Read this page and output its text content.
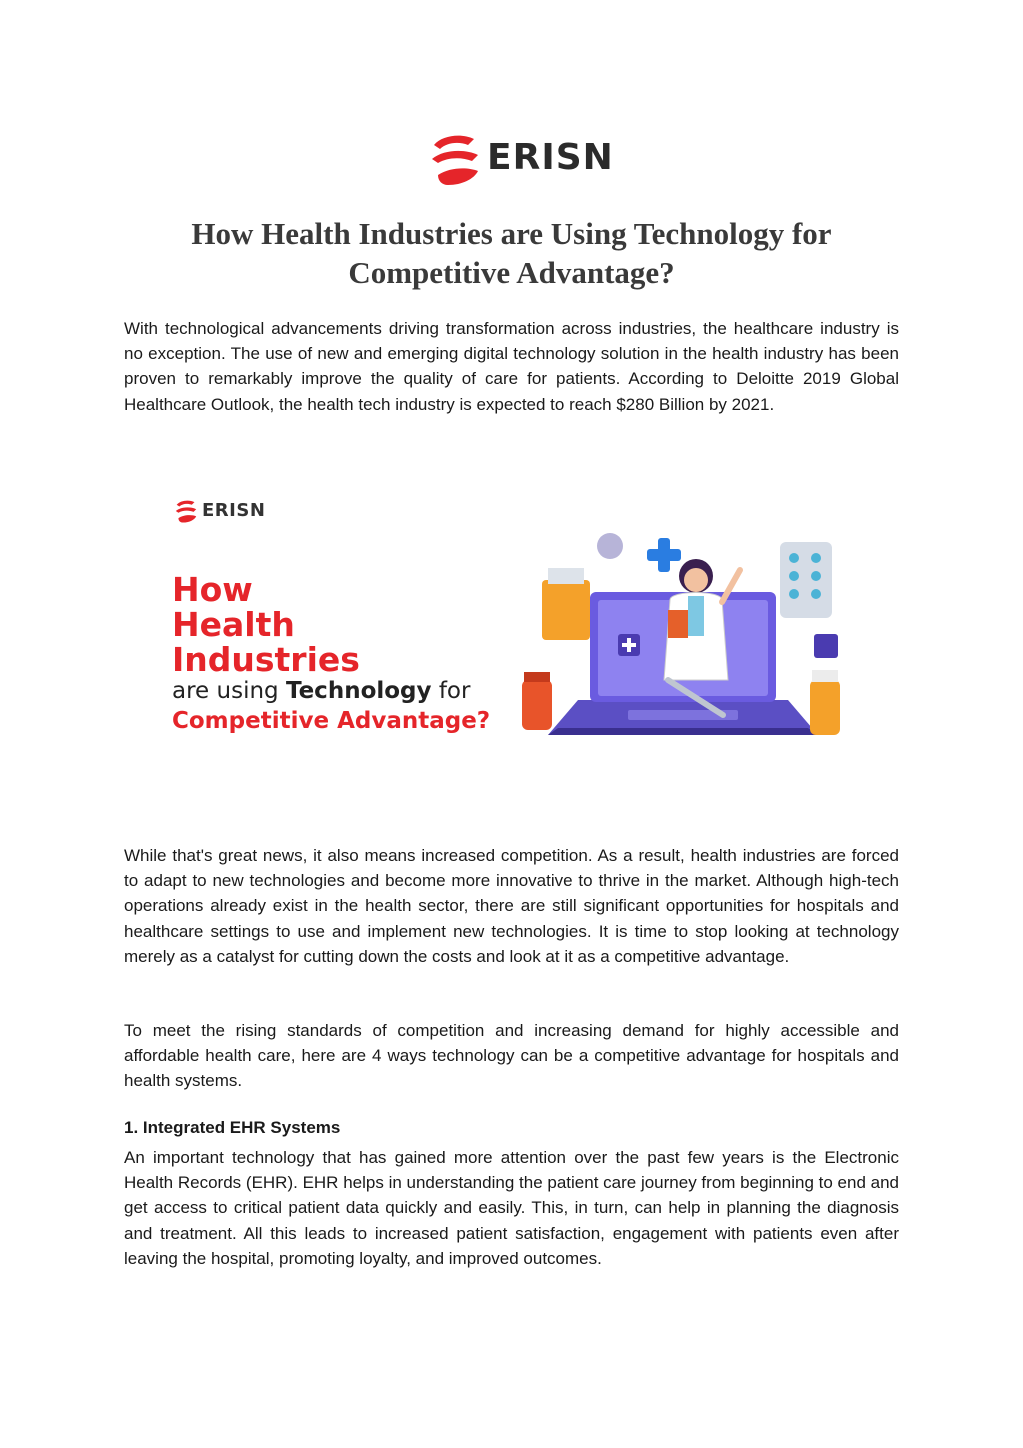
ERISN
How Health Industries are Using Technology for Competitive Advantage?

With technological advancements driving transformation across industries, the healthcare industry is no exception. The use of new and emerging digital technology solution in the health industry has been proven to remarkably improve the quality of care for patients. According to Deloitte 2019 Global Healthcare Outlook, the health tech industry is expected to reach $280 Billion by 2021.

ERISN
How
Health
Industries
are using Technology for
Competitive Advantage?

While that's great news, it also means increased competition. As a result, health industries are forced to adapt to new technologies and become more innovative to thrive in the market. Although high-tech operations already exist in the health sector, there are still significant opportunities for hospitals and healthcare settings to use and implement new technologies. It is time to stop looking at technology merely as a catalyst for cutting down the costs and look at it as a competitive advantage.

To meet the rising standards of competition and increasing demand for highly accessible and affordable health care, here are 4 ways technology can be a competitive advantage for hospitals and health systems.

1. Integrated EHR Systems

An important technology that has gained more attention over the past few years is the Electronic Health Records (EHR). EHR helps in understanding the patient care journey from beginning to end and get access to critical patient data quickly and easily. This, in turn, can help in planning the diagnosis and treatment. All this leads to increased patient satisfaction, engagement with patients even after leaving the hospital, promoting loyalty, and improved outcomes.
